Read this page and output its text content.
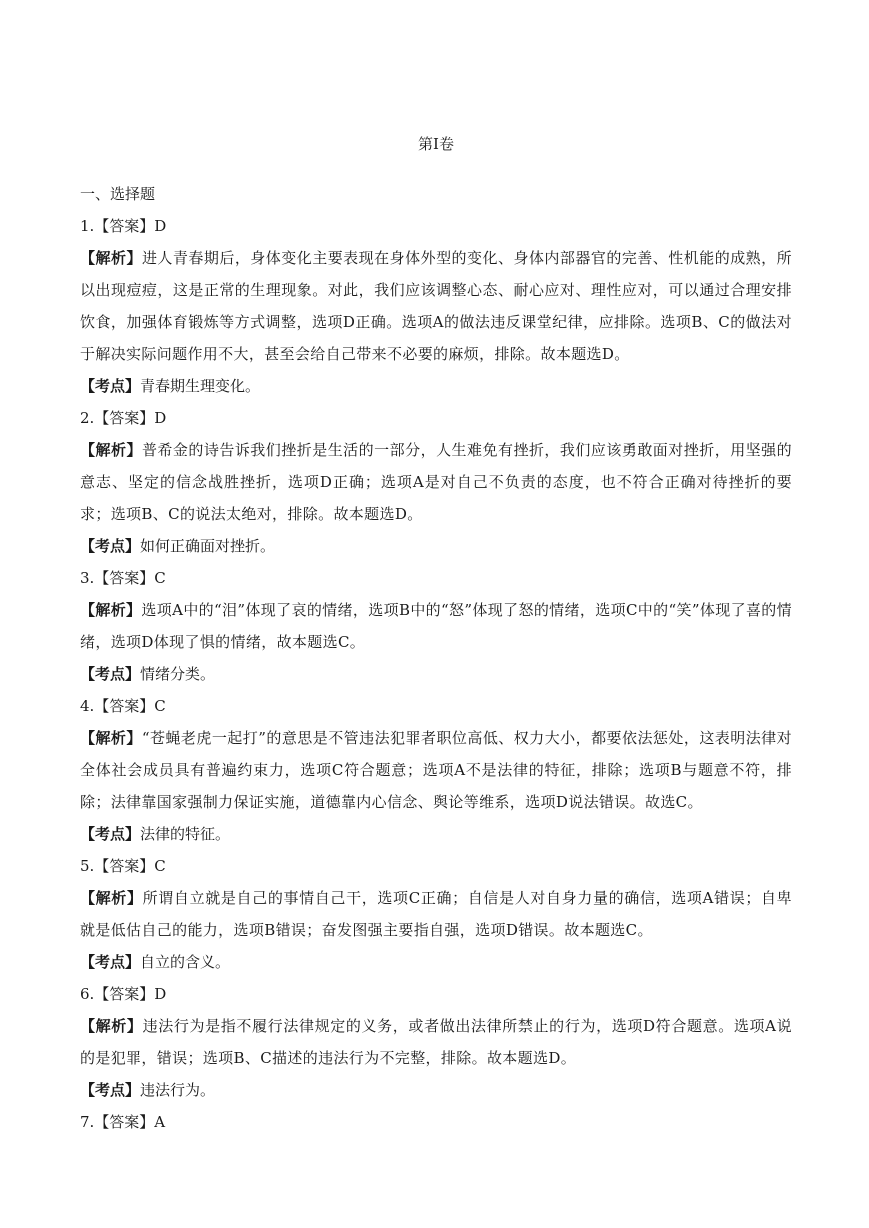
第Ⅰ卷
一、选择题
1.【答案】D

【解析】进人青春期后，身体变化主要表现在身体外型的变化、身体内部器官的完善、性机能的成熟，所以出现痘痘，这是正常的生理现象。对此，我们应该调整心态、耐心应对、理性应对，可以通过合理安排饮食，加强体育锻炼等方式调整，选项D正确。选项A的做法违反课堂纪律，应排除。选项B、C的做法对于解决实际问题作用不大，甚至会给自己带来不必要的麻烦，排除。故本题选D。

【考点】青春期生理变化。
2.【答案】D

【解析】普希金的诗告诉我们挫折是生活的一部分，人生难免有挫折，我们应该勇敢面对挫折，用坚强的意志、坚定的信念战胜挫折，选项D正确；选项A是对自己不负责的态度，也不符合正确对待挫折的要求；选项B、C的说法太绝对，排除。故本题选D。

【考点】如何正确面对挫折。
3.【答案】C

【解析】选项A中的“泪”体现了哀的情绪，选项B中的“怒”体现了怒的情绪，选项C中的“笑”体现了喜的情绪，选项D体现了惧的情绪，故本题选C。

【考点】情绪分类。
4.【答案】C

【解析】“苍蝇老虎一起打”的意思是不管违法犯罪者职位高低、权力大小，都要依法惩处，这表明法律对全体社会成员具有普遍约束力，选项C符合题意；选项A不是法律的特征，排除；选项B与题意不符，排除；法律靠国家强制力保证实施，道德靠内心信念、舆论等维系，选项D说法错误。故选C。

【考点】法律的特征。
5.【答案】C

【解析】所谓自立就是自己的事情自己干，选项C正确；自信是人对自身力量的确信，选项A错误；自卑就是低估自己的能力，选项B错误；奋发图强主要指自强，选项D错误。故本题选C。

【考点】自立的含义。
6.【答案】D

【解析】违法行为是指不履行法律规定的义务，或者做出法律所禁止的行为，选项D符合题意。选项A说的是犯罪，错误；选项B、C描述的违法行为不完整，排除。故本题选D。

【考点】违法行为。
7.【答案】A
